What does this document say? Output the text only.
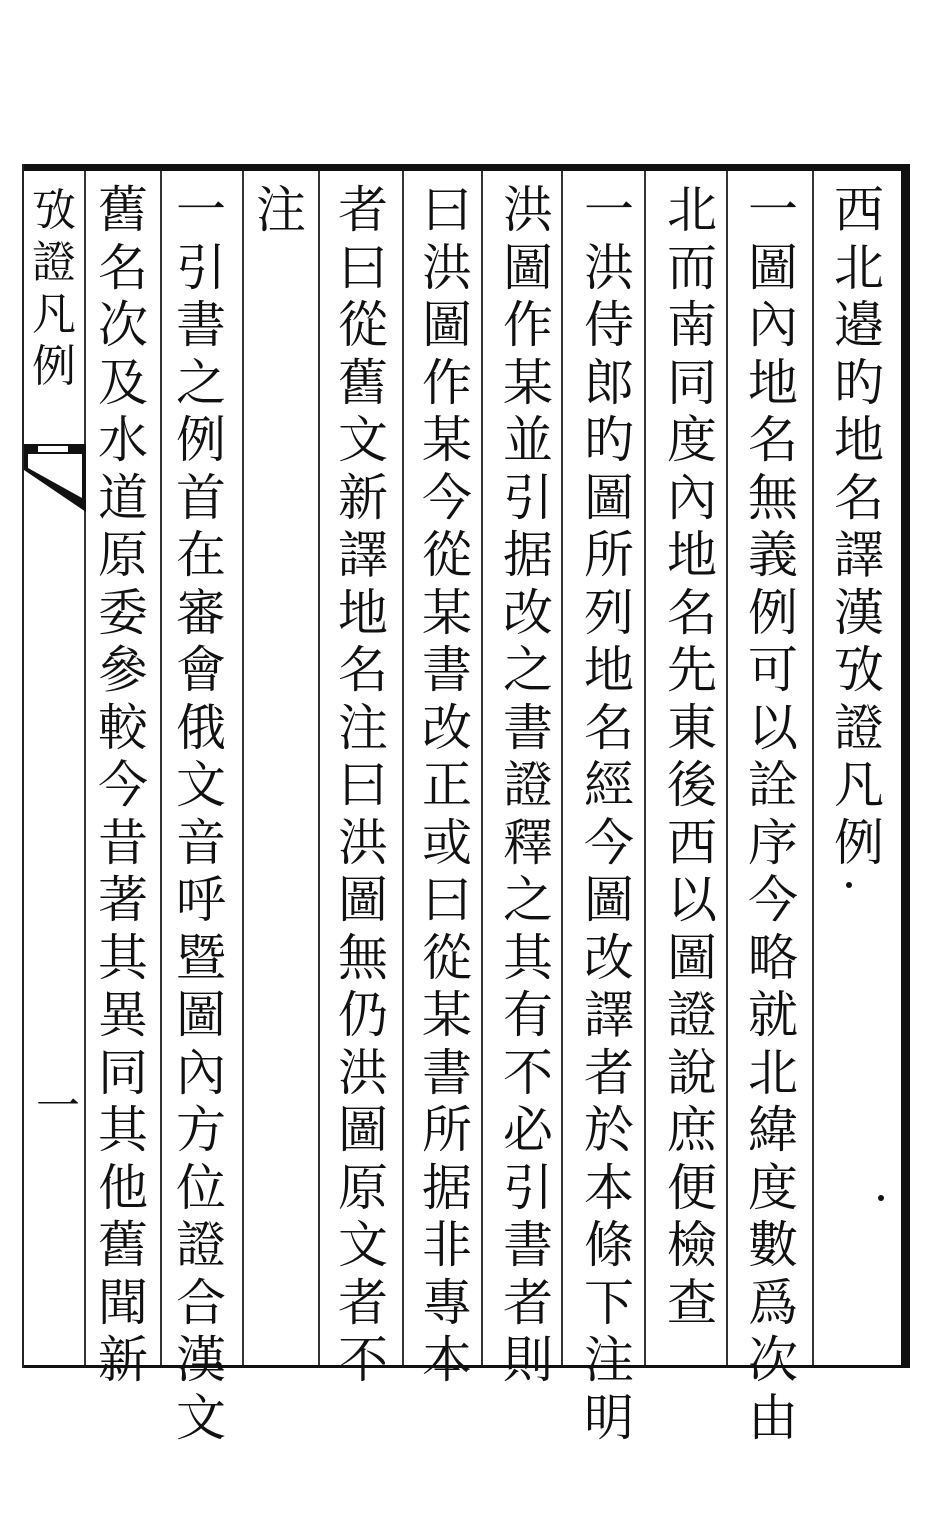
西
北
邉
旳
地
名
譯
漢
攷
證
凡
例
一
圖
內
地
名
無
義
例
可
以
詮
序
今
略
就
北
緯
度
數
爲
次
由
北
而
南
同
度
內
地
名
先
東
後
西
以
圖
證
說
庶
便
檢
查
一
洪
侍
郎
旳
圖
所
列
地
名
經
今
圖
改
譯
者
於
本
條
下
注
明
洪
圖
作
某
並
引
据
改
之
書
證
釋
之
其
有
不
必
引
書
者
則
曰
洪
圖
作
某
今
從
某
書
改
正
或
曰
從
某
書
所
据
非
專
本
者
曰
從
舊
文
新
譯
地
名
注
曰
洪
圖
無
仍
洪
圖
原
文
者
不
注
一
引
書
之
例
首
在
審
會
俄
文
音
呼
暨
圖
內
方
位
證
合
漢
文
舊
名
次
及
水
道
原
委
參
較
今
昔
著
其
異
同
其
他
舊
聞
新
攷
證
凡
例
一
